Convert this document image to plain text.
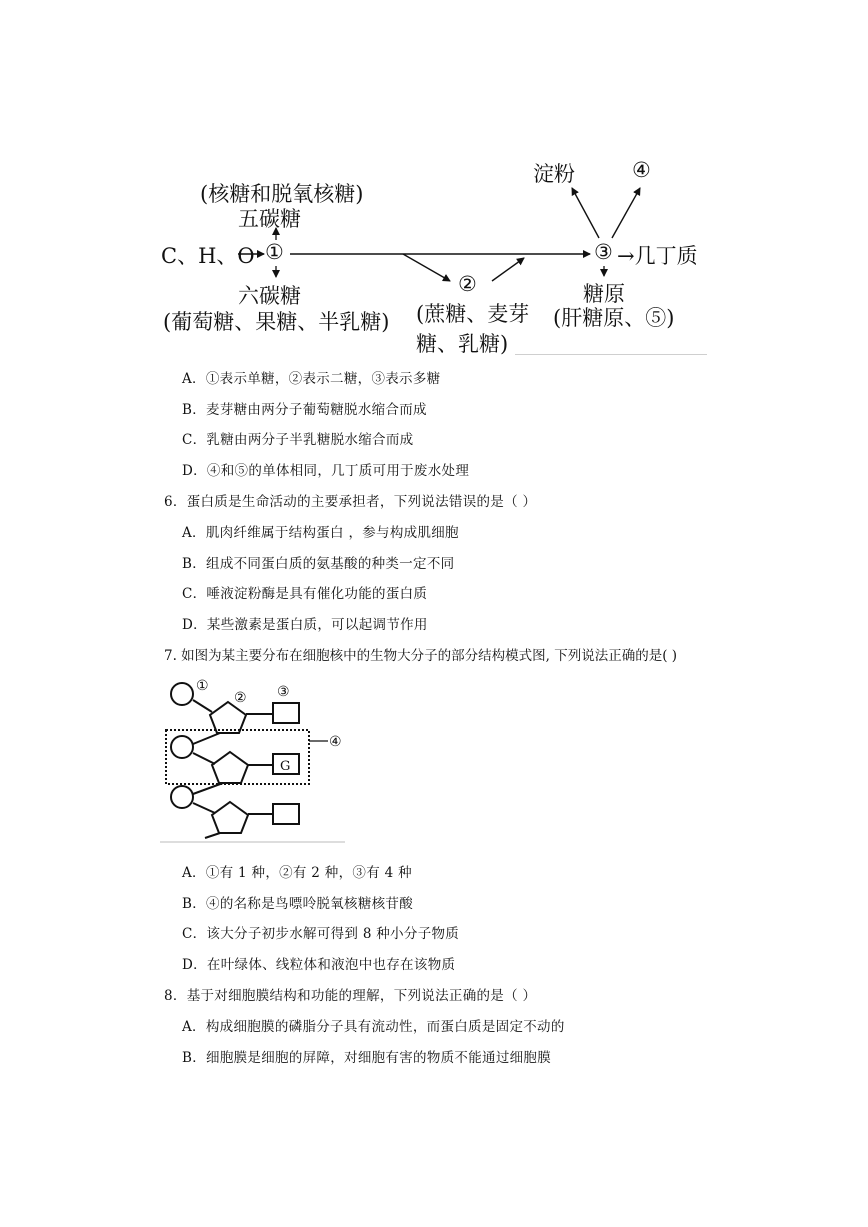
淀粉	④
(核糖和脱氧核糖)
五碳糖
C、H、O ①	③ →几丁质
六碳糖	糖原
②
(葡萄糖、果糖、半乳糖)	(肝糖原、⑤)
(蔗糖、麦芽
糖、乳糖)
A．①表示单糖，②表示二糖，③表示多糖
B．麦芽糖由两分子葡萄糖脱水缩合而成
C．乳糖由两分子半乳糖脱水缩合而成
D．④和⑤的单体相同，几丁质可用于废水处理
6．蛋白质是生命活动的主要承担者，下列说法错误的是（ ）
A．肌肉纤维属于结构蛋白 ，参与构成肌细胞
B．组成不同蛋白质的氨基酸的种类一定不同
C．唾液淀粉酶是具有催化功能的蛋白质
D．某些激素是蛋白质，可以起调节作用
7. 如图为某主要分布在细胞核中的生物大分子的部分结构模式图, 下列说法正确的是( )
①
② ③
④
G
A．①有 1 种，②有 2 种，③有 4 种
B．④的名称是鸟嘌呤脱氧核糖核苷酸
C．该大分子初步水解可得到 8 种小分子物质
D．在叶绿体、线粒体和液泡中也存在该物质
8．基于对细胞膜结构和功能的理解，下列说法正确的是（ ）
A．构成细胞膜的磷脂分子具有流动性，而蛋白质是固定不动的
B．细胞膜是细胞的屏障，对细胞有害的物质不能通过细胞膜
